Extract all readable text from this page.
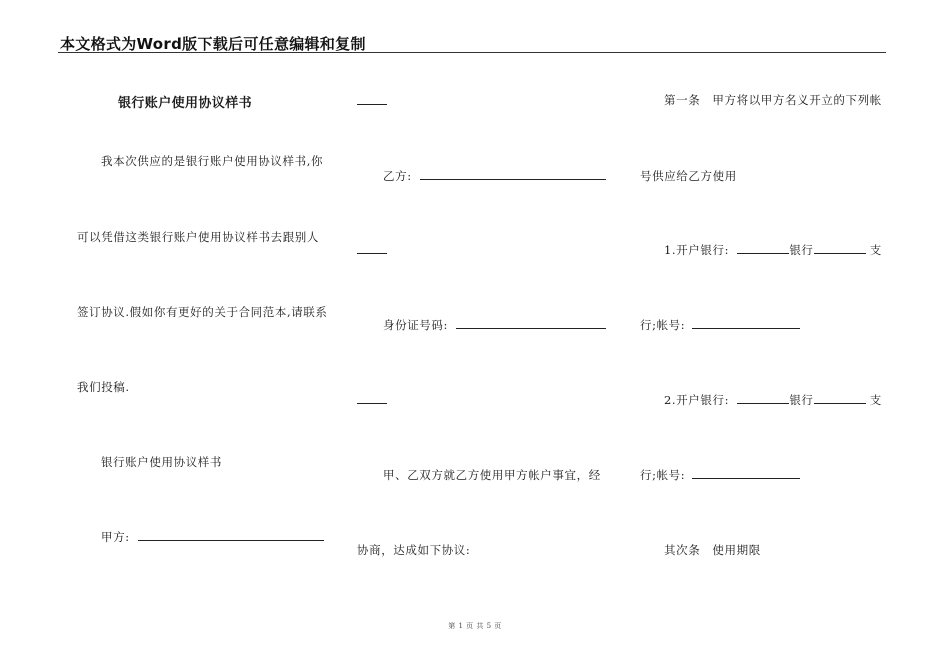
本文格式为Word版下载后可任意编辑和复制
银行账户使用协议样书
我本次供应的是银行账户使用协议样书,你
可以凭借这类银行账户使用协议样书去跟别人
签订协议.假如你有更好的关于合同范本,请联系
我们投稿.
银行账户使用协议样书
甲方:
乙方:
身份证号码:
甲、乙双方就乙方使用甲方帐户事宜，经
协商，达成如下协议:
第一条　甲方将以甲方名义开立的下列帐
号供应给乙方使用
1.开户银行:	银行	支
行;帐号:
2.开户银行:	银行	支
行;帐号:
其次条　使用期限
第 1 页 共 5 页
